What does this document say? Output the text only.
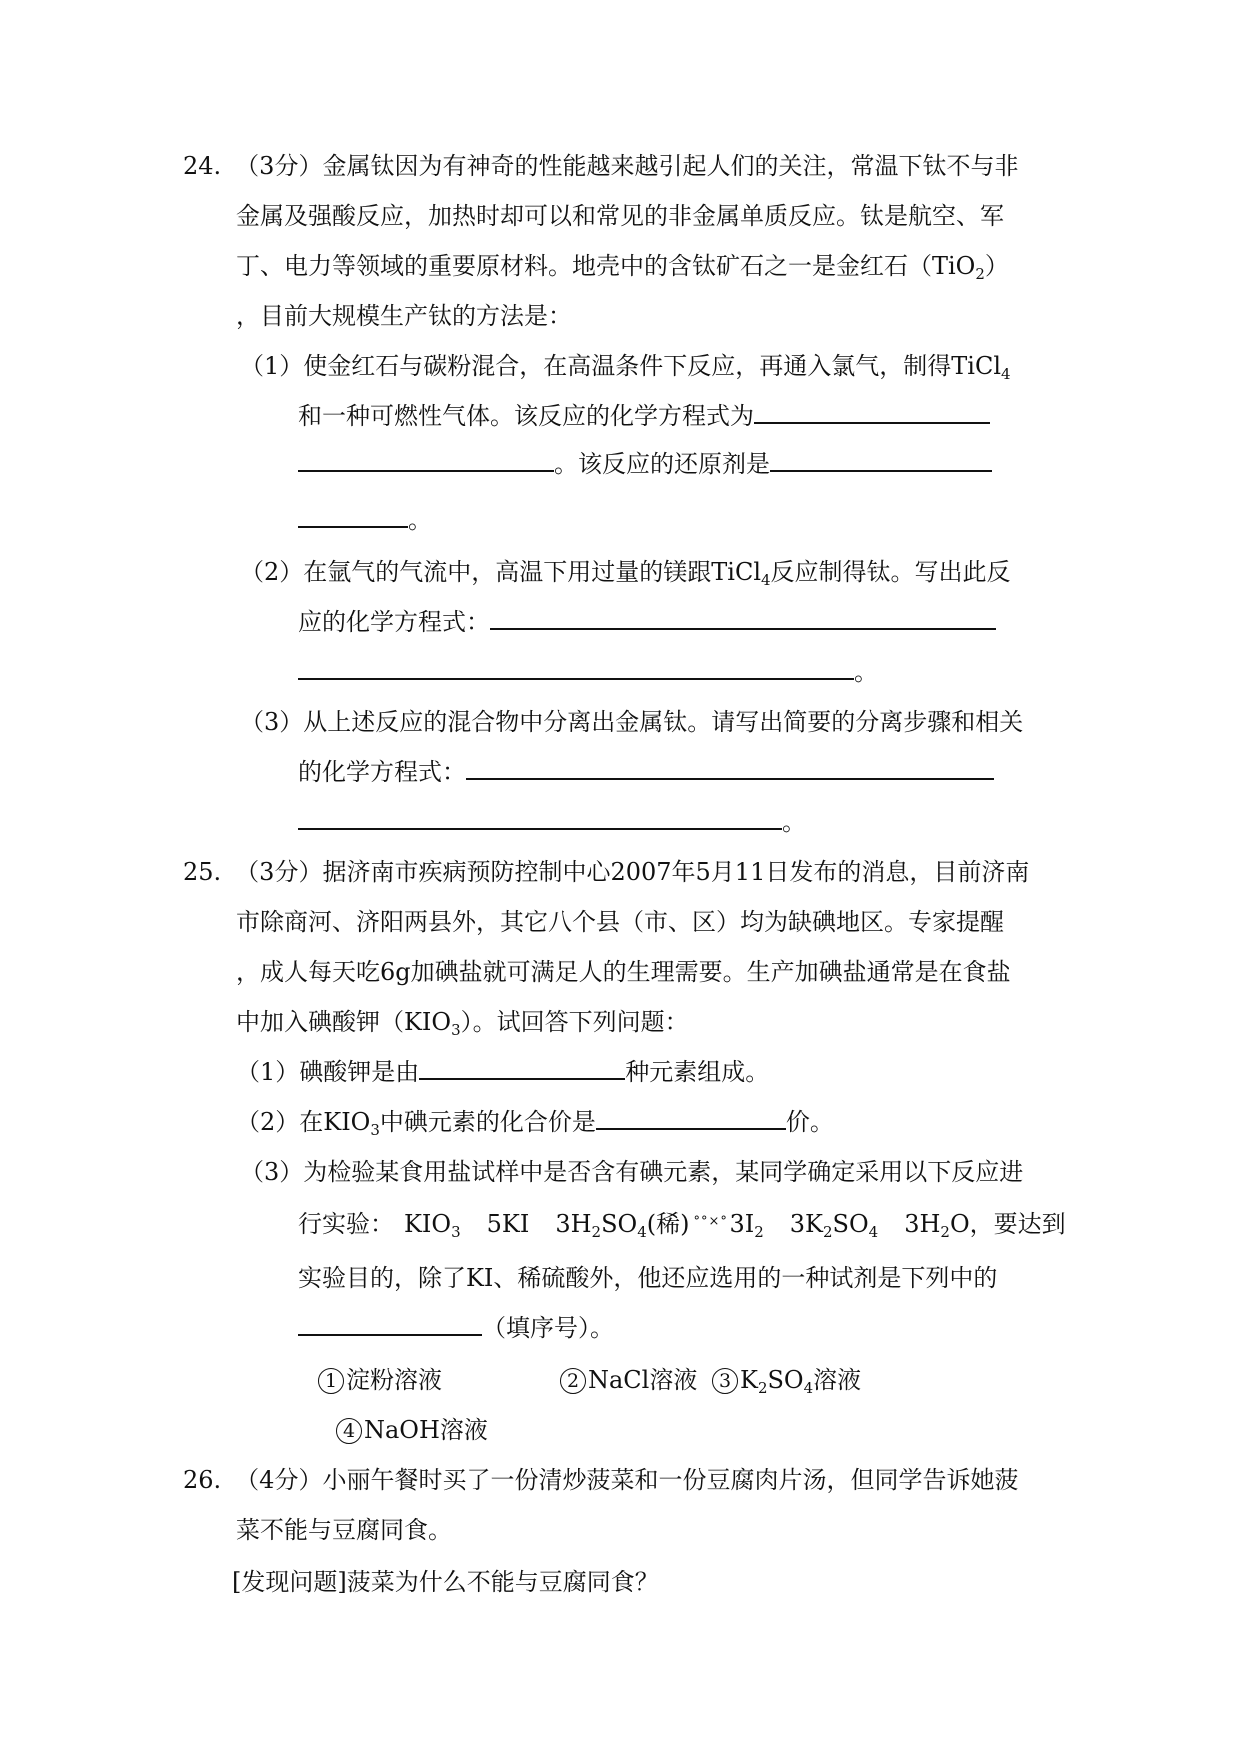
24. （3分）金属钛因为有神奇的性能越来越引起人们的关注，常温下钛不与非
金属及强酸反应，加热时却可以和常见的非金属单质反应。钛是航空、军
丁、电力等领域的重要原材料。地壳中的含钛矿石之一是金红石（TiO$_2$）
，目前大规模生产钛的方法是：
（1）使金红石与碳粉混合，在高温条件下反应，再通入氯气，制得TiCl$_4$
和一种可燃性气体。该反应的化学方程式为
。该反应的还原剂是
。
（2）在氩气的气流中，高温下用过量的镁跟TiCl$_4$反应制得钛。写出此反
应的化学方程式：
。
（3）从上述反应的混合物中分离出金属钛。请写出简要的分离步骤和相关
的化学方程式：
。
25. （3分）据济南市疾病预防控制中心2007年5月11日发布的消息，目前济南
市除商河、济阳两县外，其它八个县（市、区）均为缺碘地区。专家提醒
，成人每天吃6g加碘盐就可满足人的生理需要。生产加碘盐通常是在食盐
中加入碘酸钾$(KIO_3)$。试回答下列问题：
（1）碘酸钾是由	种元素组成。
（2）在$KIO_3$中碘元素的化合价是	价。
（3）为检验某食用盐试样中是否含有碘元素，某同学确定采用以下反应进
行实验： $KIO_3$ 5KI $3H_2SO_4$(稀) °°×° $3I_2$ $3K_2SO_4$ $3H_2O$，要达到
实验目的，除了KI、稀硫酸外，他还应选用的一种试剂是下列中的
（填序号）。
1 淀粉溶液	2 NaCl溶液	3 $K_2SO_4$溶液
4 NaOH溶液
26. （4分）小丽午餐时买了一份清炒菠菜和一份豆腐肉片汤，但同学告诉她菠
菜不能与豆腐同食。
[发现问题]菠菜为什么不能与豆腐同食？
